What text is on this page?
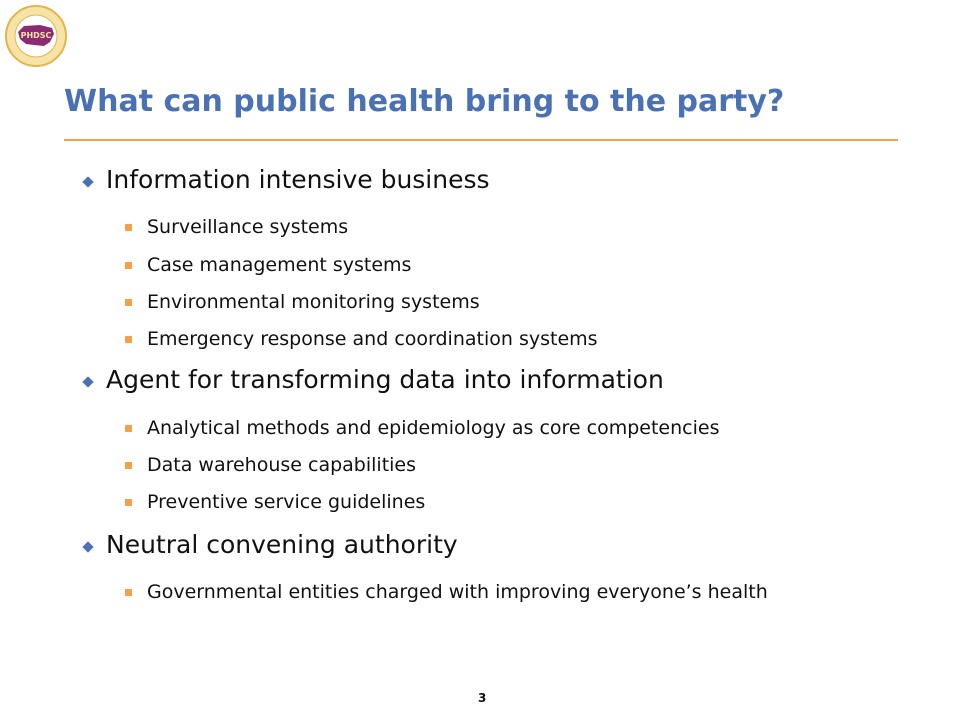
PHDSC
What can public health bring to the party?

Information intensive business

Surveillance systems

Case management systems

Environmental monitoring systems

Emergency response and coordination systems

Agent for transforming data into information

Analytical methods and epidemiology as core competencies

Data warehouse capabilities

Preventive service guidelines

Neutral convening authority

Governmental entities charged with improving everyone’s health

3
